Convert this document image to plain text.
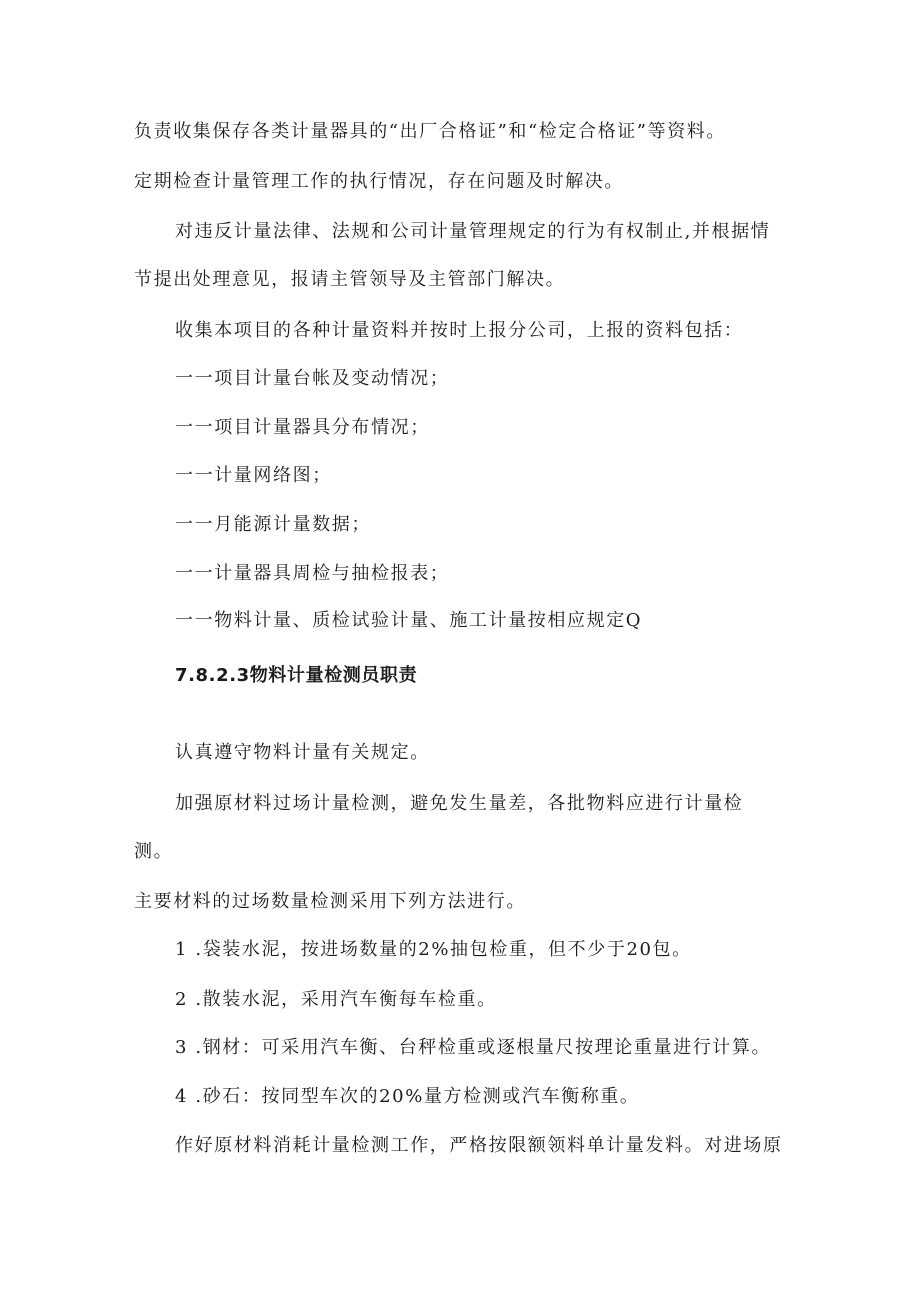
负责收集保存各类计量器具的“出厂合格证”和“检定合格证”等资料。
定期检查计量管理工作的执行情况，存在问题及时解决。
对违反计量法律、法规和公司计量管理规定的行为有权制止,并根据情
节提出处理意见，报请主管领导及主管部门解决。
收集本项目的各种计量资料并按时上报分公司，上报的资料包括：
一一项目计量台帐及变动情况；
一一项目计量器具分布情况；
一一计量网络图；
一一月能源计量数据；
一一计量器具周检与抽检报表；
一一物料计量、质检试验计量、施工计量按相应规定Q
7.8.2.3物料计量检测员职责
认真遵守物料计量有关规定。
加强原材料过场计量检测，避免发生量差，各批物料应进行计量检
测。
主要材料的过场数量检测采用下列方法进行。
1 .袋装水泥，按进场数量的2%抽包检重，但不少于20包。
2 .散装水泥，采用汽车衡每车检重。
3 .钢材：可采用汽车衡、台秤检重或逐根量尺按理论重量进行计算。
4 .砂石：按同型车次的20%量方检测或汽车衡称重。
作好原材料消耗计量检测工作，严格按限额领料单计量发料。对进场原
